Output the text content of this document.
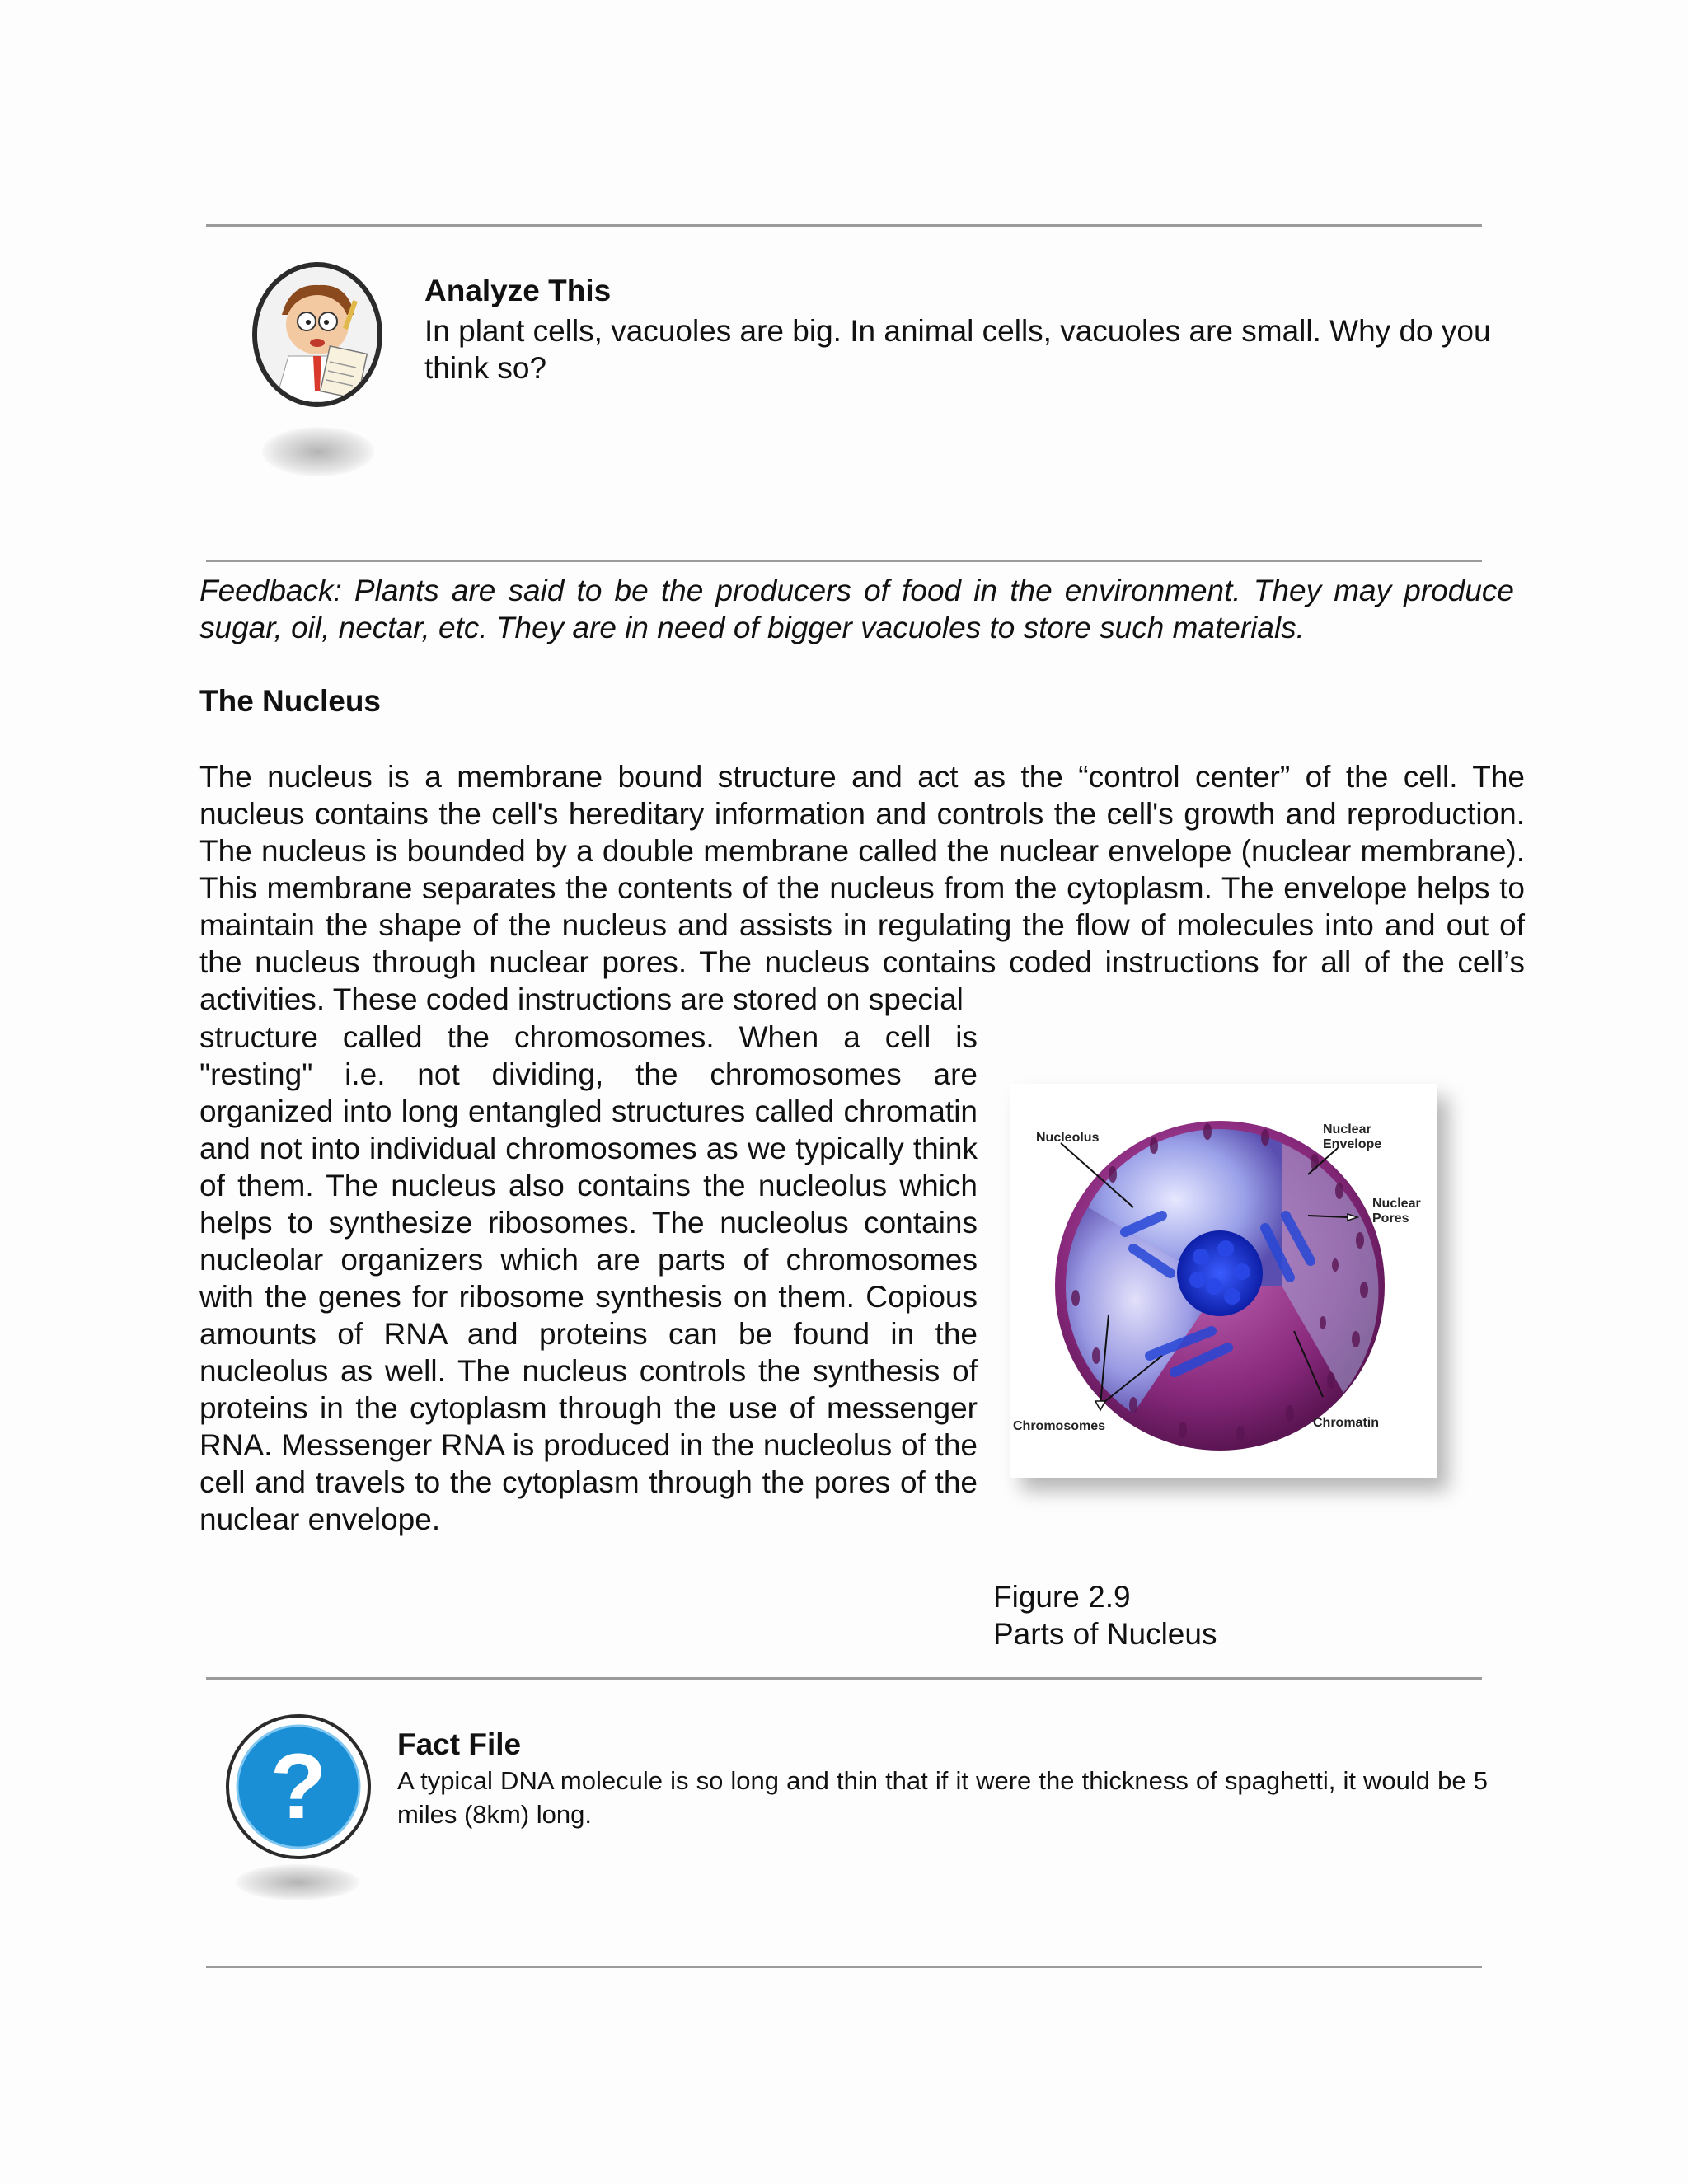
Analyze This
In plant cells, vacuoles are big. In animal cells, vacuoles are small. Why do you think so?

Feedback: Plants are said to be the producers of food in the environment. They may produce sugar, oil, nectar, etc. They are in need of bigger vacuoles to store such materials.

The Nucleus

The nucleus is a membrane bound structure and act as the “control center” of the cell. The nucleus contains the cell's hereditary information and controls the cell's growth and reproduction. The nucleus is bounded by a double membrane called the nuclear envelope (nuclear membrane). This membrane separates the contents of the nucleus from the cytoplasm. The envelope helps to maintain the shape of the nucleus and assists in regulating the flow of molecules into and out of the nucleus through nuclear pores. The nucleus contains coded instructions for all of the cell’s activities. These coded instructions are stored on special

structure called the chromosomes. When a cell is "resting" i.e. not dividing, the chromosomes are organized into long entangled structures called chromatin and not into individual chromosomes as we typically think of them. The nucleus also contains the nucleolus which helps to synthesize ribosomes. The nucleolus contains nucleolar organizers which are parts of chromosomes with the genes for ribosome synthesis on them. Copious amounts of RNA and proteins can be found in the nucleolus as well. The nucleus controls the synthesis of proteins in the cytoplasm through the use of messenger RNA. Messenger RNA is produced in the nucleolus of the cell and travels to the cytoplasm through the pores of the nuclear envelope.

Nucleolus
Nuclear
Envelope
Nuclear
Pores
Chromosomes	Chromatin
Figure 2.9
Parts of Nucleus
? Fact File
A typical DNA molecule is so long and thin that if it were the thickness of spaghetti, it would be 5 miles (8km) long.
